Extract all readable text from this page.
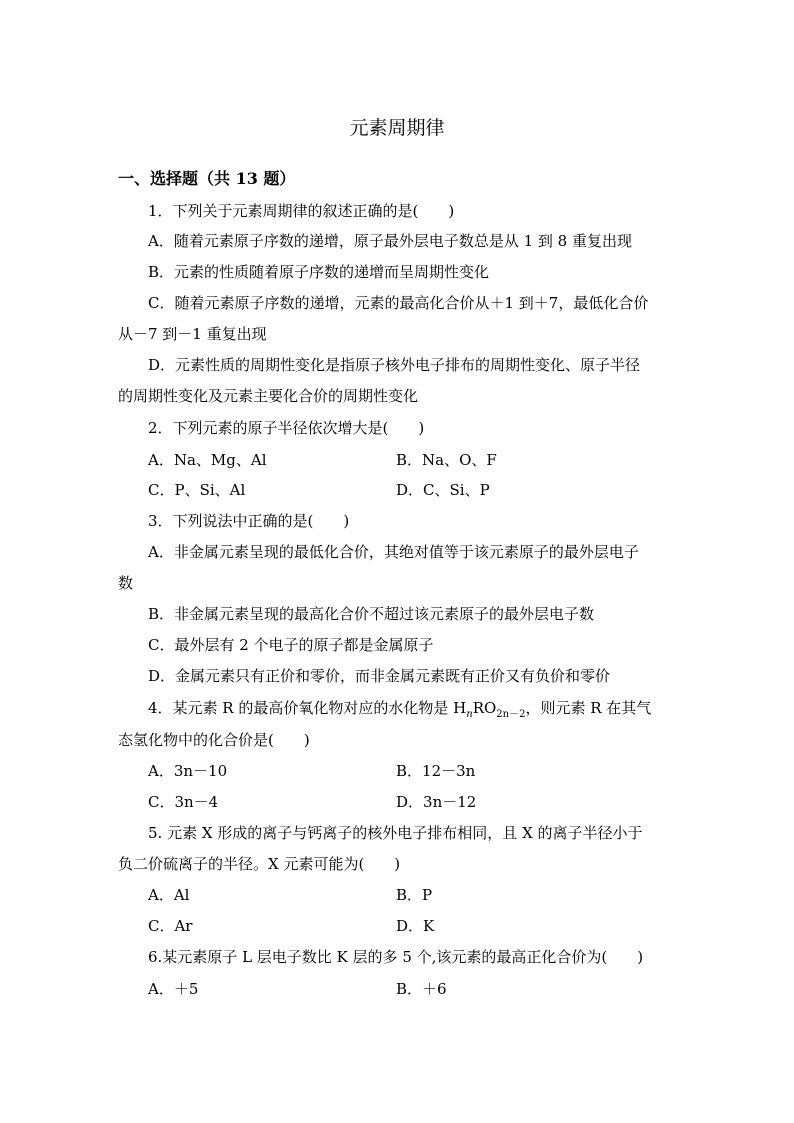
元素周期律
一、选择题（共 13 题）
1．下列关于元素周期律的叙述正确的是(　　)
A．随着元素原子序数的递增，原子最外层电子数总是从 1 到 8 重复出现
B．元素的性质随着原子序数的递增而呈周期性变化
C．随着元素原子序数的递增，元素的最高化合价从＋1 到＋7，最低化合价
从－7 到－1 重复出现
D．元素性质的周期性变化是指原子核外电子排布的周期性变化、原子半径
的周期性变化及元素主要化合价的周期性变化
2．下列元素的原子半径依次增大是(　　)
A．Na、Mg、Al	B．Na、O、F
C．P、Si、Al	D．C、Si、P
3．下列说法中正确的是(　　)
A．非金属元素呈现的最低化合价，其绝对值等于该元素原子的最外层电子
数
B．非金属元素呈现的最高化合价不超过该元素原子的最外层电子数
C．最外层有 2 个电子的原子都是金属原子
D．金属元素只有正价和零价，而非金属元素既有正价又有负价和零价
4．某元素 R 的最高价氧化物对应的水化物是 $H_nRO_{2n-2}$，则元素 R 在其气
态氢化物中的化合价是(　　)
A．3n－10	B．12－3n
C．3n－4	D．3n－12
5. 元素 X 形成的离子与钙离子的核外电子排布相同，且 X 的离子半径小于
负二价硫离子的半径。X 元素可能为(　　)
A．Al	B．P
C．Ar	D．K
6.某元素原子 L 层电子数比 K 层的多 5 个,该元素的最高正化合价为(　　)
A．＋5	B．＋6
